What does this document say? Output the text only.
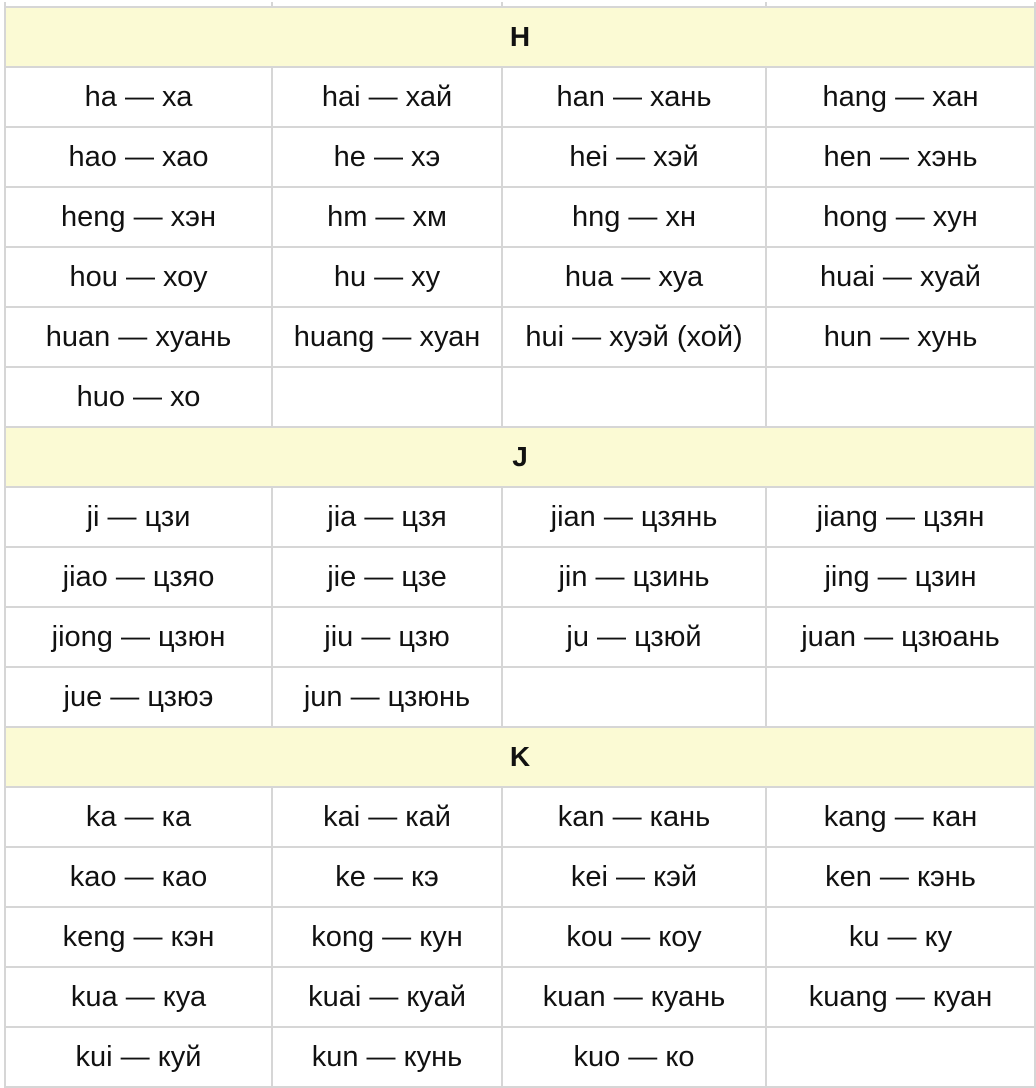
H			
ha — ха	hai — хай	han — хань	hang — хан
hao — хао	he — хэ	hei — хэй	hen — хэнь
heng — хэн	hm — хм	hng — хн	hong — хун
hou — хоу	hu — ху	hua — хуа	huai — хуай
huan — хуань	huang — хуан	hui — хуэй (хой)	hun — хунь
huo — хо			
J			
ji — цзи	jia — цзя	jian — цзянь	jiang — цзян
jiao — цзяо	jie — цзе	jin — цзинь	jing — цзин
jiong — цзюн	jiu — цзю	ju — цзюй	juan — цзюань
jue — цзюэ	jun — цзюнь		
K			
ka — ка	kai — кай	kan — кань	kang — кан
kao — као	ke — кэ	kei — кэй	ken — кэнь
keng — кэн	kong — кун	kou — коу	ku — ку
kua — куа	kuai — куай	kuan — куань	kuang — куан
kui — куй	kun — кунь	kuo — ко	
